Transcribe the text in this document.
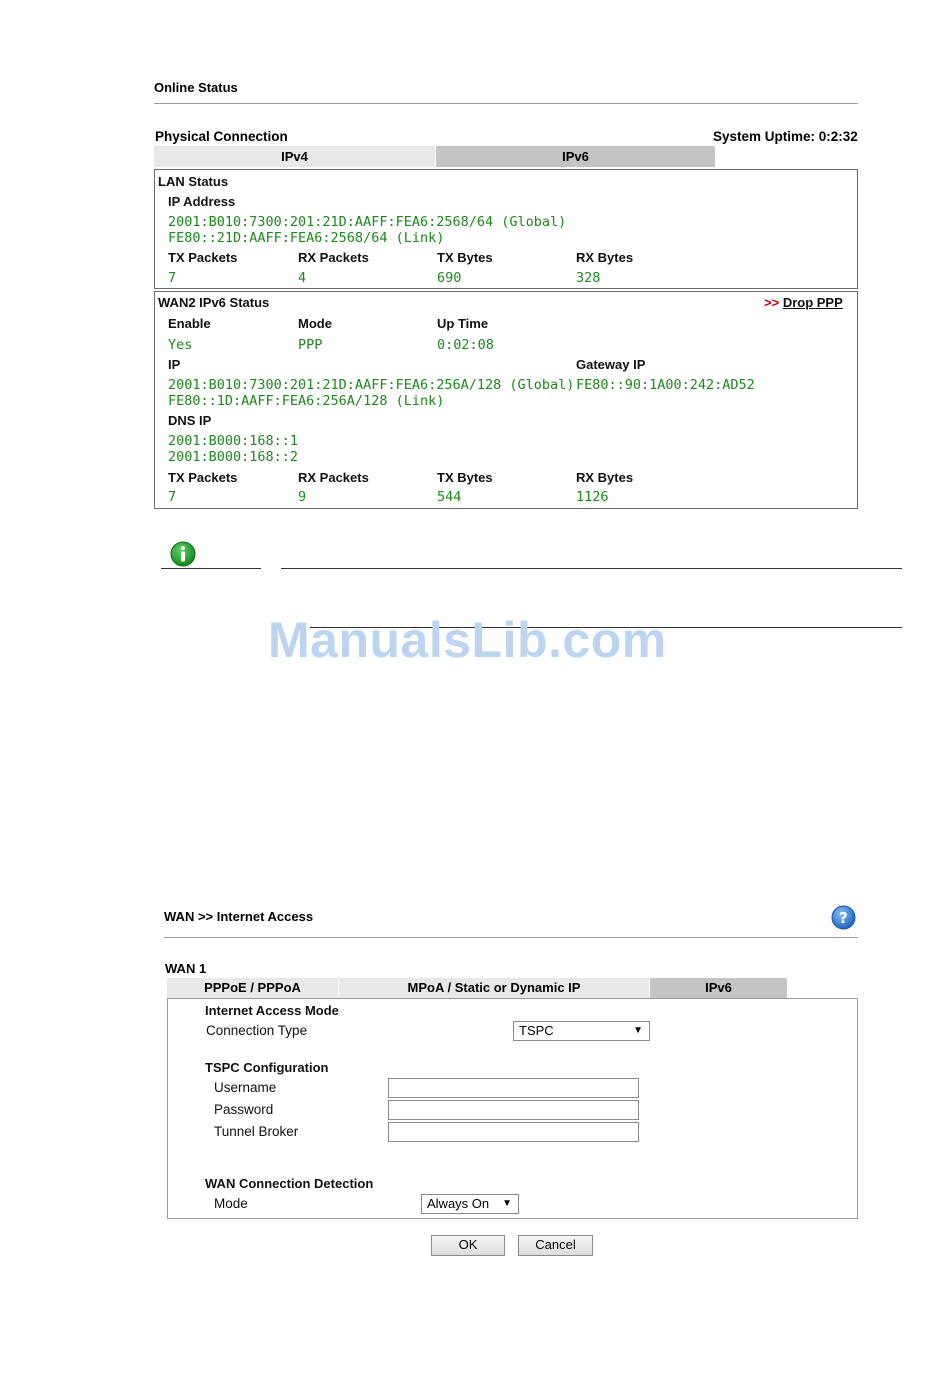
Online Status
Physical Connection	System Uptime: 0:2:32
IPv4	IPv6
LAN Status
IP Address
2001:B010:7300:201:21D:AAFF:FEA6:2568/64 (Global)
FE80::21D:AAFF:FEA6:2568/64 (Link)
TX Packets	RX Packets	TX Bytes	RX Bytes
7	4	690	328
WAN2 IPv6 Status	>> Drop PPP
Enable	Mode	Up Time
Yes	PPP	0:02:08
IP	Gateway IP
2001:B010:7300:201:21D:AAFF:FEA6:256A/128 (Global) FE80::90:1A00:242:AD52
FE80::1D:AAFF:FEA6:256A/128 (Link)
DNS IP
2001:B000:168::1
2001:B000:168::2
TX Packets	RX Packets	TX Bytes	RX Bytes
7	9	544	1126
ManualsLib.com
WAN >> Internet Access	?
WAN 1
PPPoE / PPPoA	MPoA / Static or Dynamic IP	IPv6
Internet Access Mode
Connection Type	TSPC	▼
TSPC Configuration
Username
Password
Tunnel Broker
WAN Connection Detection
Mode	Always On ▼
OK	Cancel
